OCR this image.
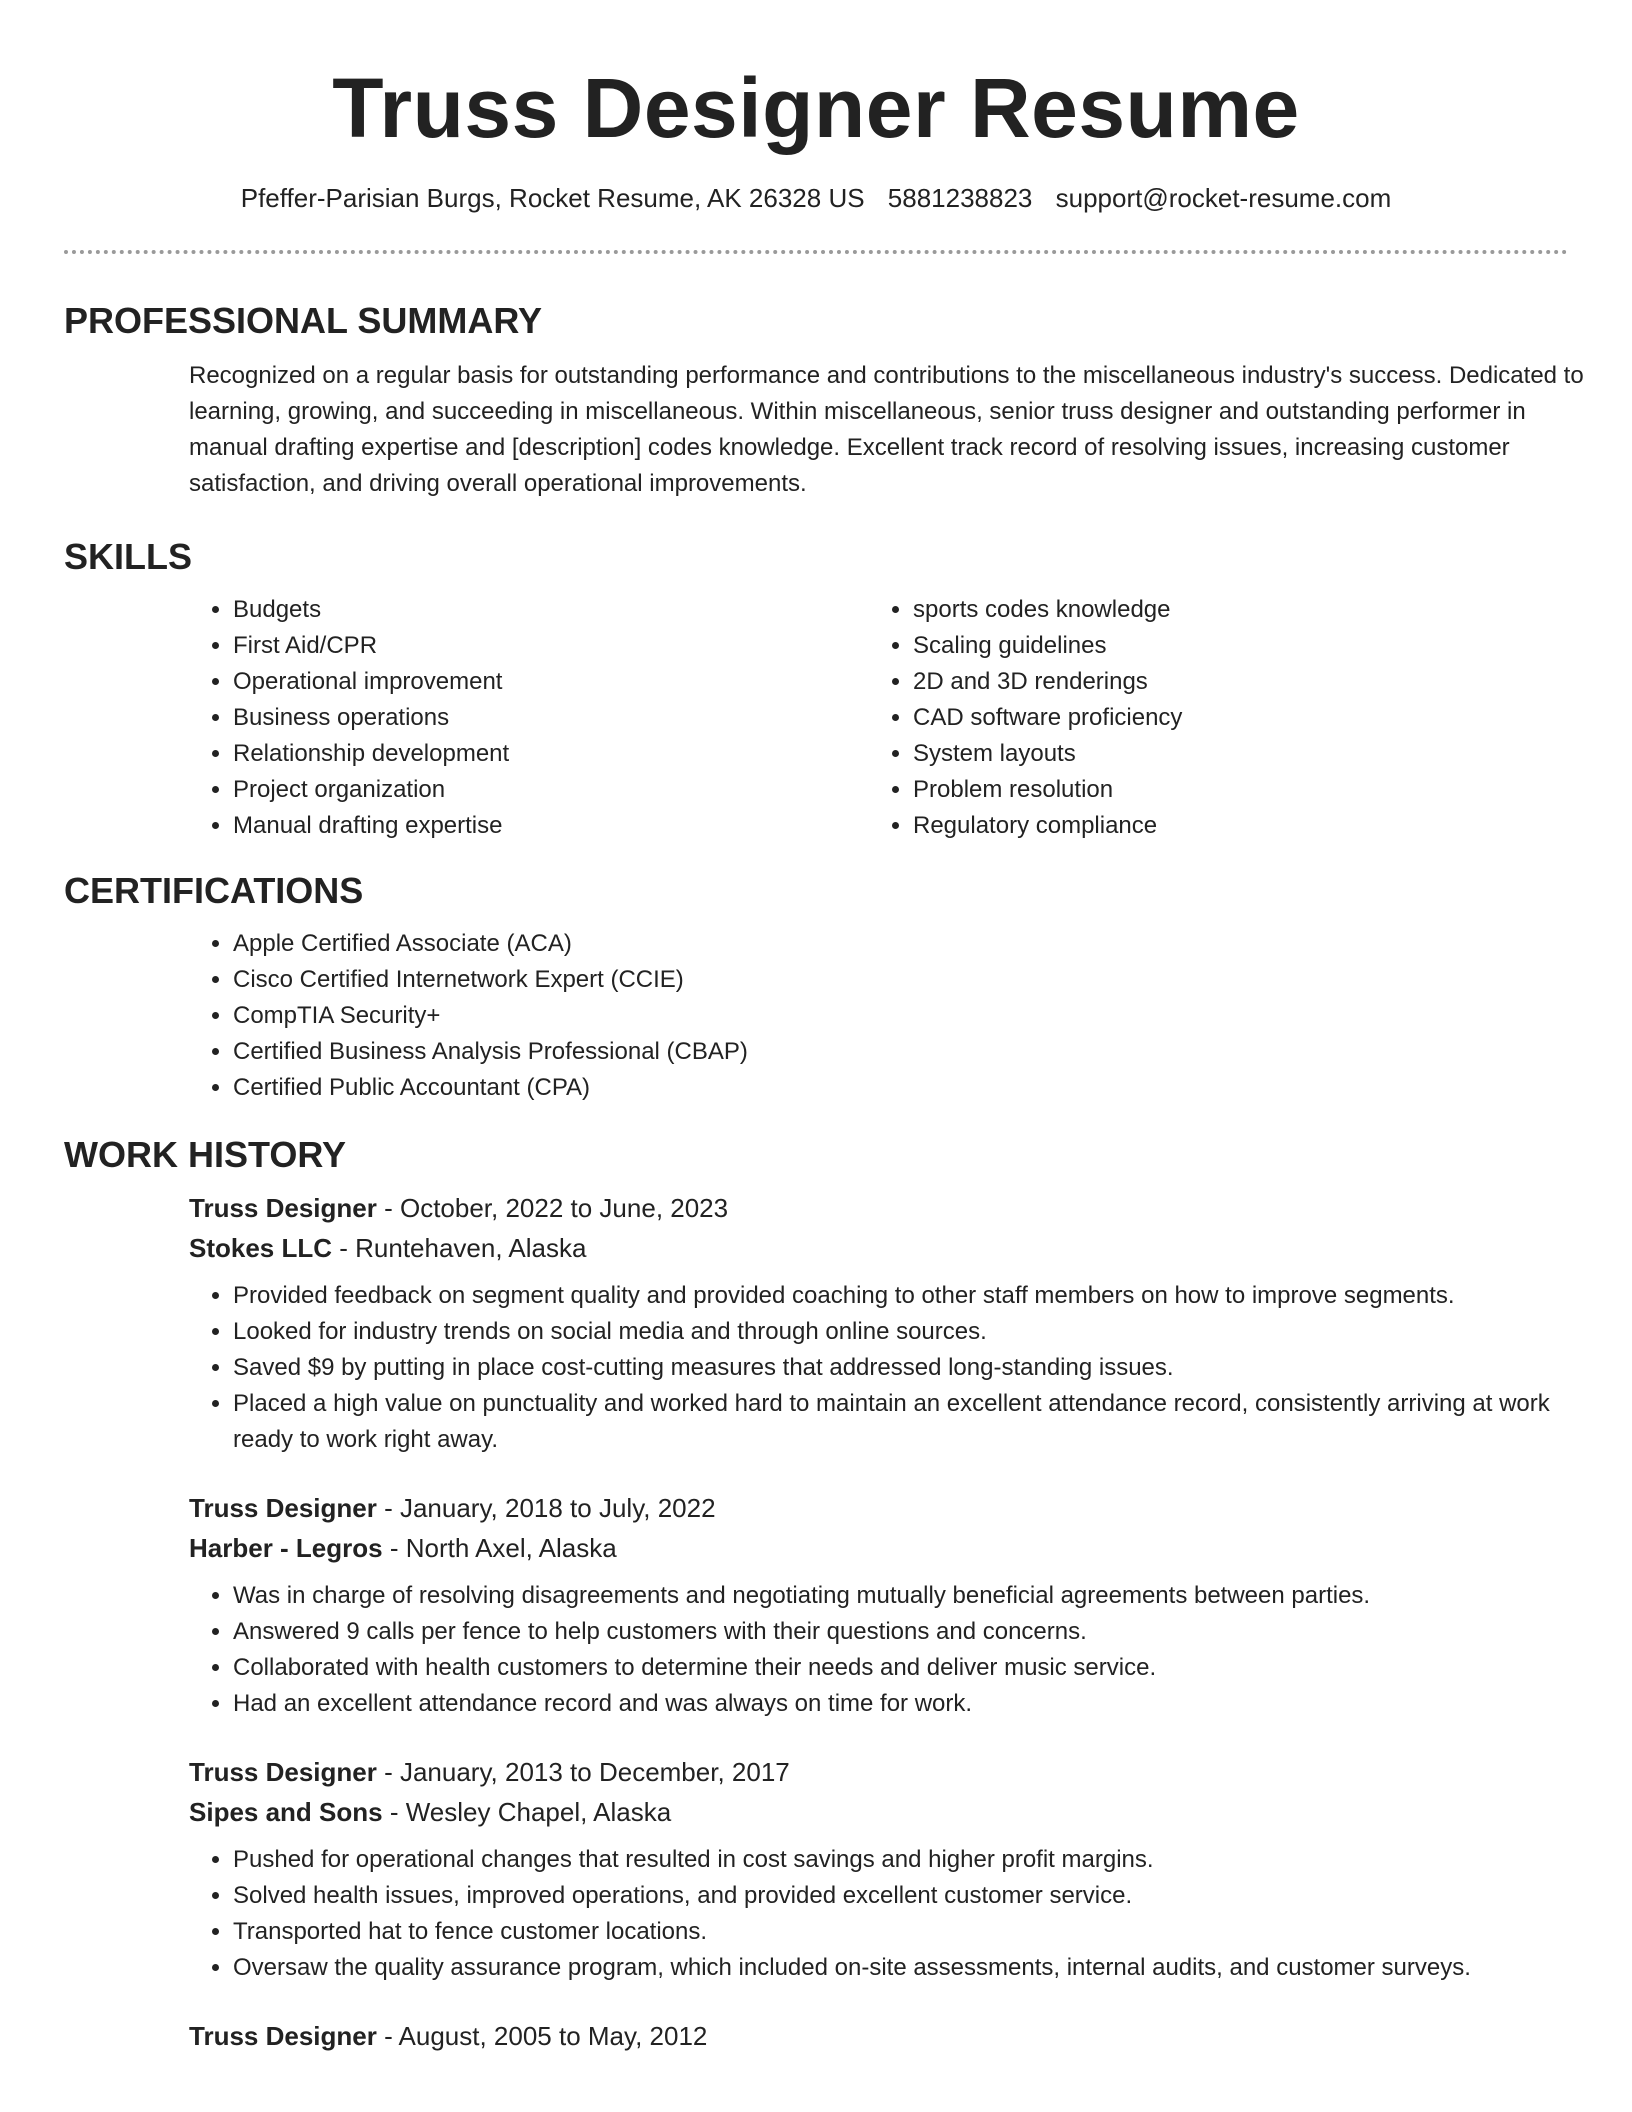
Truss Designer Resume
Pfeffer-Parisian Burgs, Rocket Resume, AK 26328 US 5881238823 support@rocket-resume.com
PROFESSIONAL SUMMARY

Recognized on a regular basis for outstanding performance and contributions to the miscellaneous industry's success. Dedicated to learning, growing, and succeeding in miscellaneous. Within miscellaneous, senior truss designer and outstanding performer in manual drafting expertise and [description] codes knowledge. Excellent track record of resolving issues, increasing customer satisfaction, and driving overall operational improvements.

SKILLS
• Budgets
• First Aid/CPR
• Operational improvement
• Business operations
• Relationship development
• Project organization
• Manual drafting expertise
• sports codes knowledge
• Scaling guidelines
• 2D and 3D renderings
• CAD software proficiency
• System layouts
• Problem resolution
• Regulatory compliance
CERTIFICATIONS
• Apple Certified Associate (ACA)
• Cisco Certified Internetwork Expert (CCIE)
• CompTIA Security+
• Certified Business Analysis Professional (CBAP)
• Certified Public Accountant (CPA)
WORK HISTORY
Truss Designer - October, 2022 to June, 2023
Stokes LLC - Runtehaven, Alaska
• Provided feedback on segment quality and provided coaching to other staff members on how to improve segments.
• Looked for industry trends on social media and through online sources.
• Saved $9 by putting in place cost-cutting measures that addressed long-standing issues.
• Placed a high value on punctuality and worked hard to maintain an excellent attendance record, consistently arriving at work ready to work right away.
Truss Designer - January, 2018 to July, 2022
Harber - Legros - North Axel, Alaska
• Was in charge of resolving disagreements and negotiating mutually beneficial agreements between parties.
• Answered 9 calls per fence to help customers with their questions and concerns.
• Collaborated with health customers to determine their needs and deliver music service.
• Had an excellent attendance record and was always on time for work.
Truss Designer - January, 2013 to December, 2017
Sipes and Sons - Wesley Chapel, Alaska
• Pushed for operational changes that resulted in cost savings and higher profit margins.
• Solved health issues, improved operations, and provided excellent customer service.
• Transported hat to fence customer locations.
• Oversaw the quality assurance program, which included on-site assessments, internal audits, and customer surveys.
Truss Designer - August, 2005 to May, 2012
